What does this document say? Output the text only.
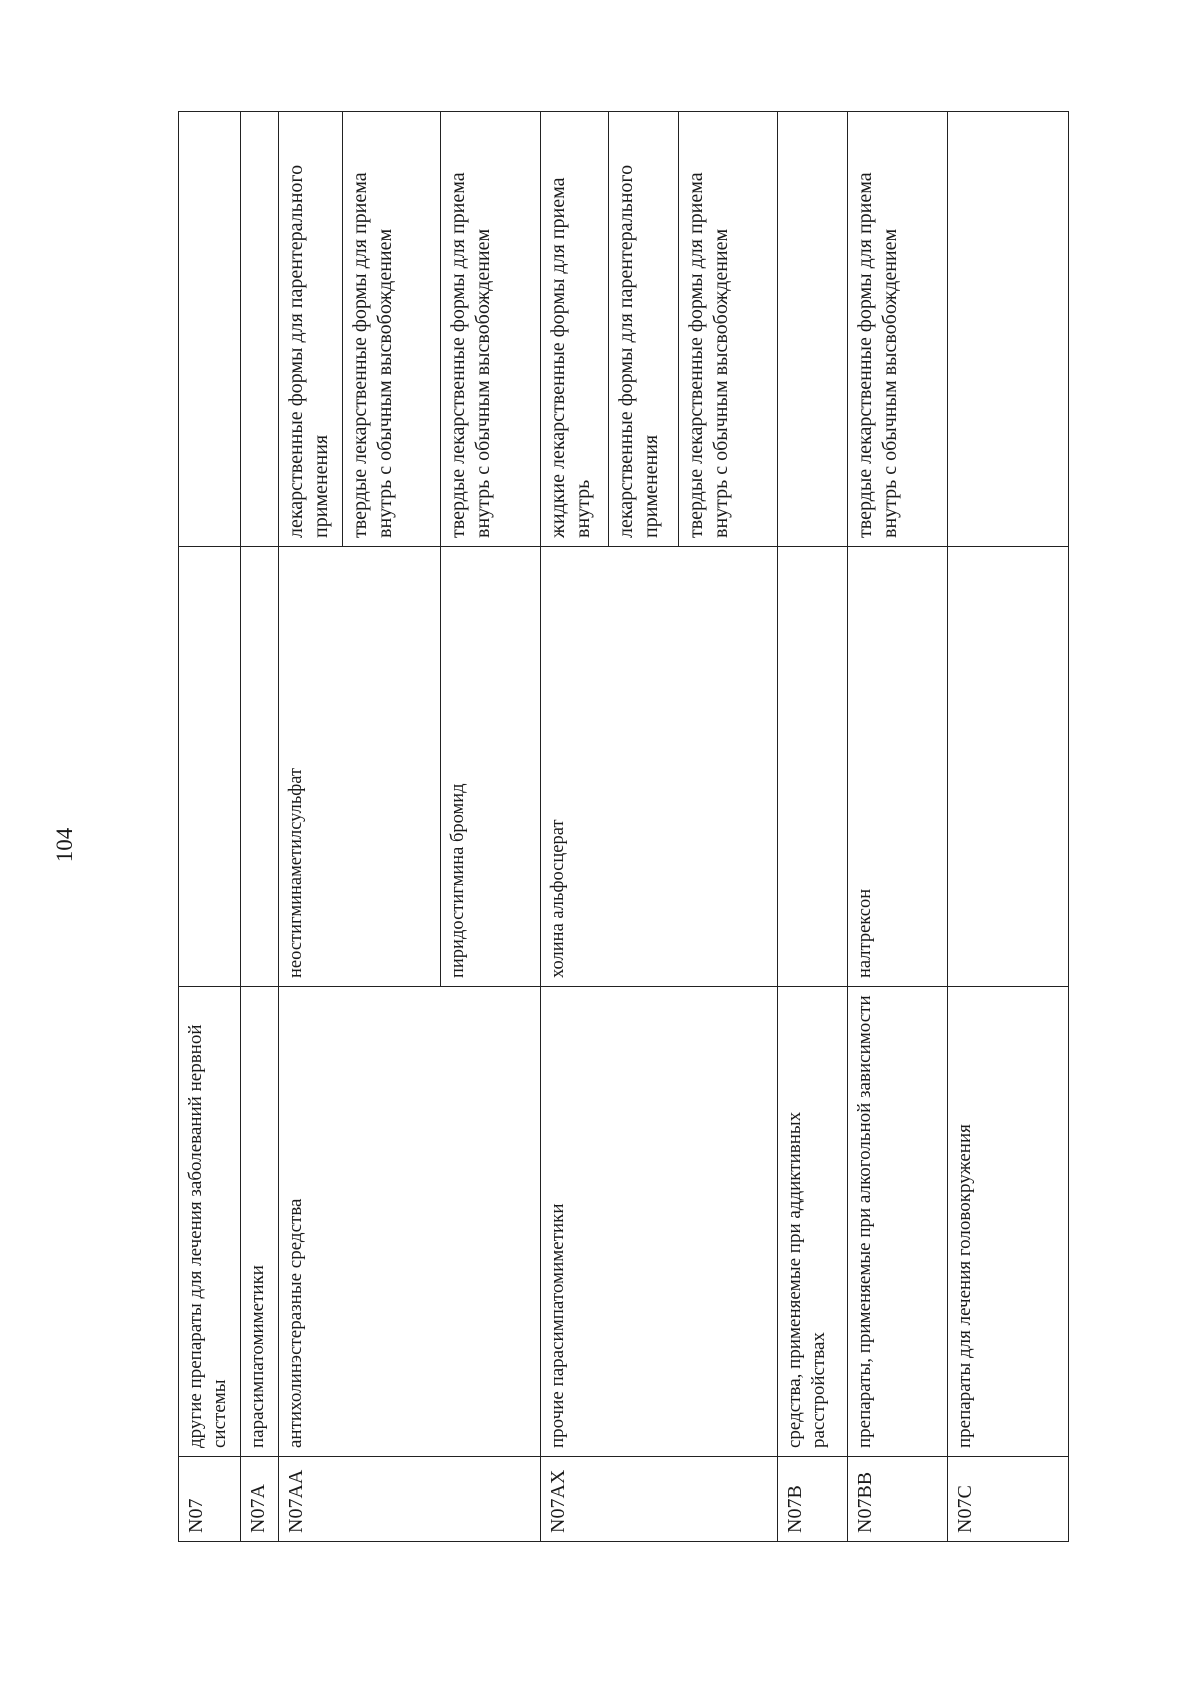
104
N07	другие препараты для лечения заболеваний нервной системы		
N07A	парасимпатомиметики		
N07AA	антихолинэстеразные средства	неостигминаметилсульфат	лекарственные формы для парентерального применения
			твердые лекарственные формы для приема внутрь с обычным высвобождением
		пиридостигмина бромид	твердые лекарственные формы для приема внутрь с обычным высвобождением
N07AX	прочие парасимпатомиметики	холина альфосцерат	жидкие лекарственные формы для приема внутрь
			лекарственные формы для парентерального применения
			твердые лекарственные формы для приема внутрь с обычным высвобождением
N07B	средства, применяемые при аддиктивных расстройствах		
N07BB	препараты, применяемые при алкогольной зависимости	налтрексон	твердые лекарственные формы для приема внутрь с обычным высвобождением
N07C	препараты для лечения головокружения		
